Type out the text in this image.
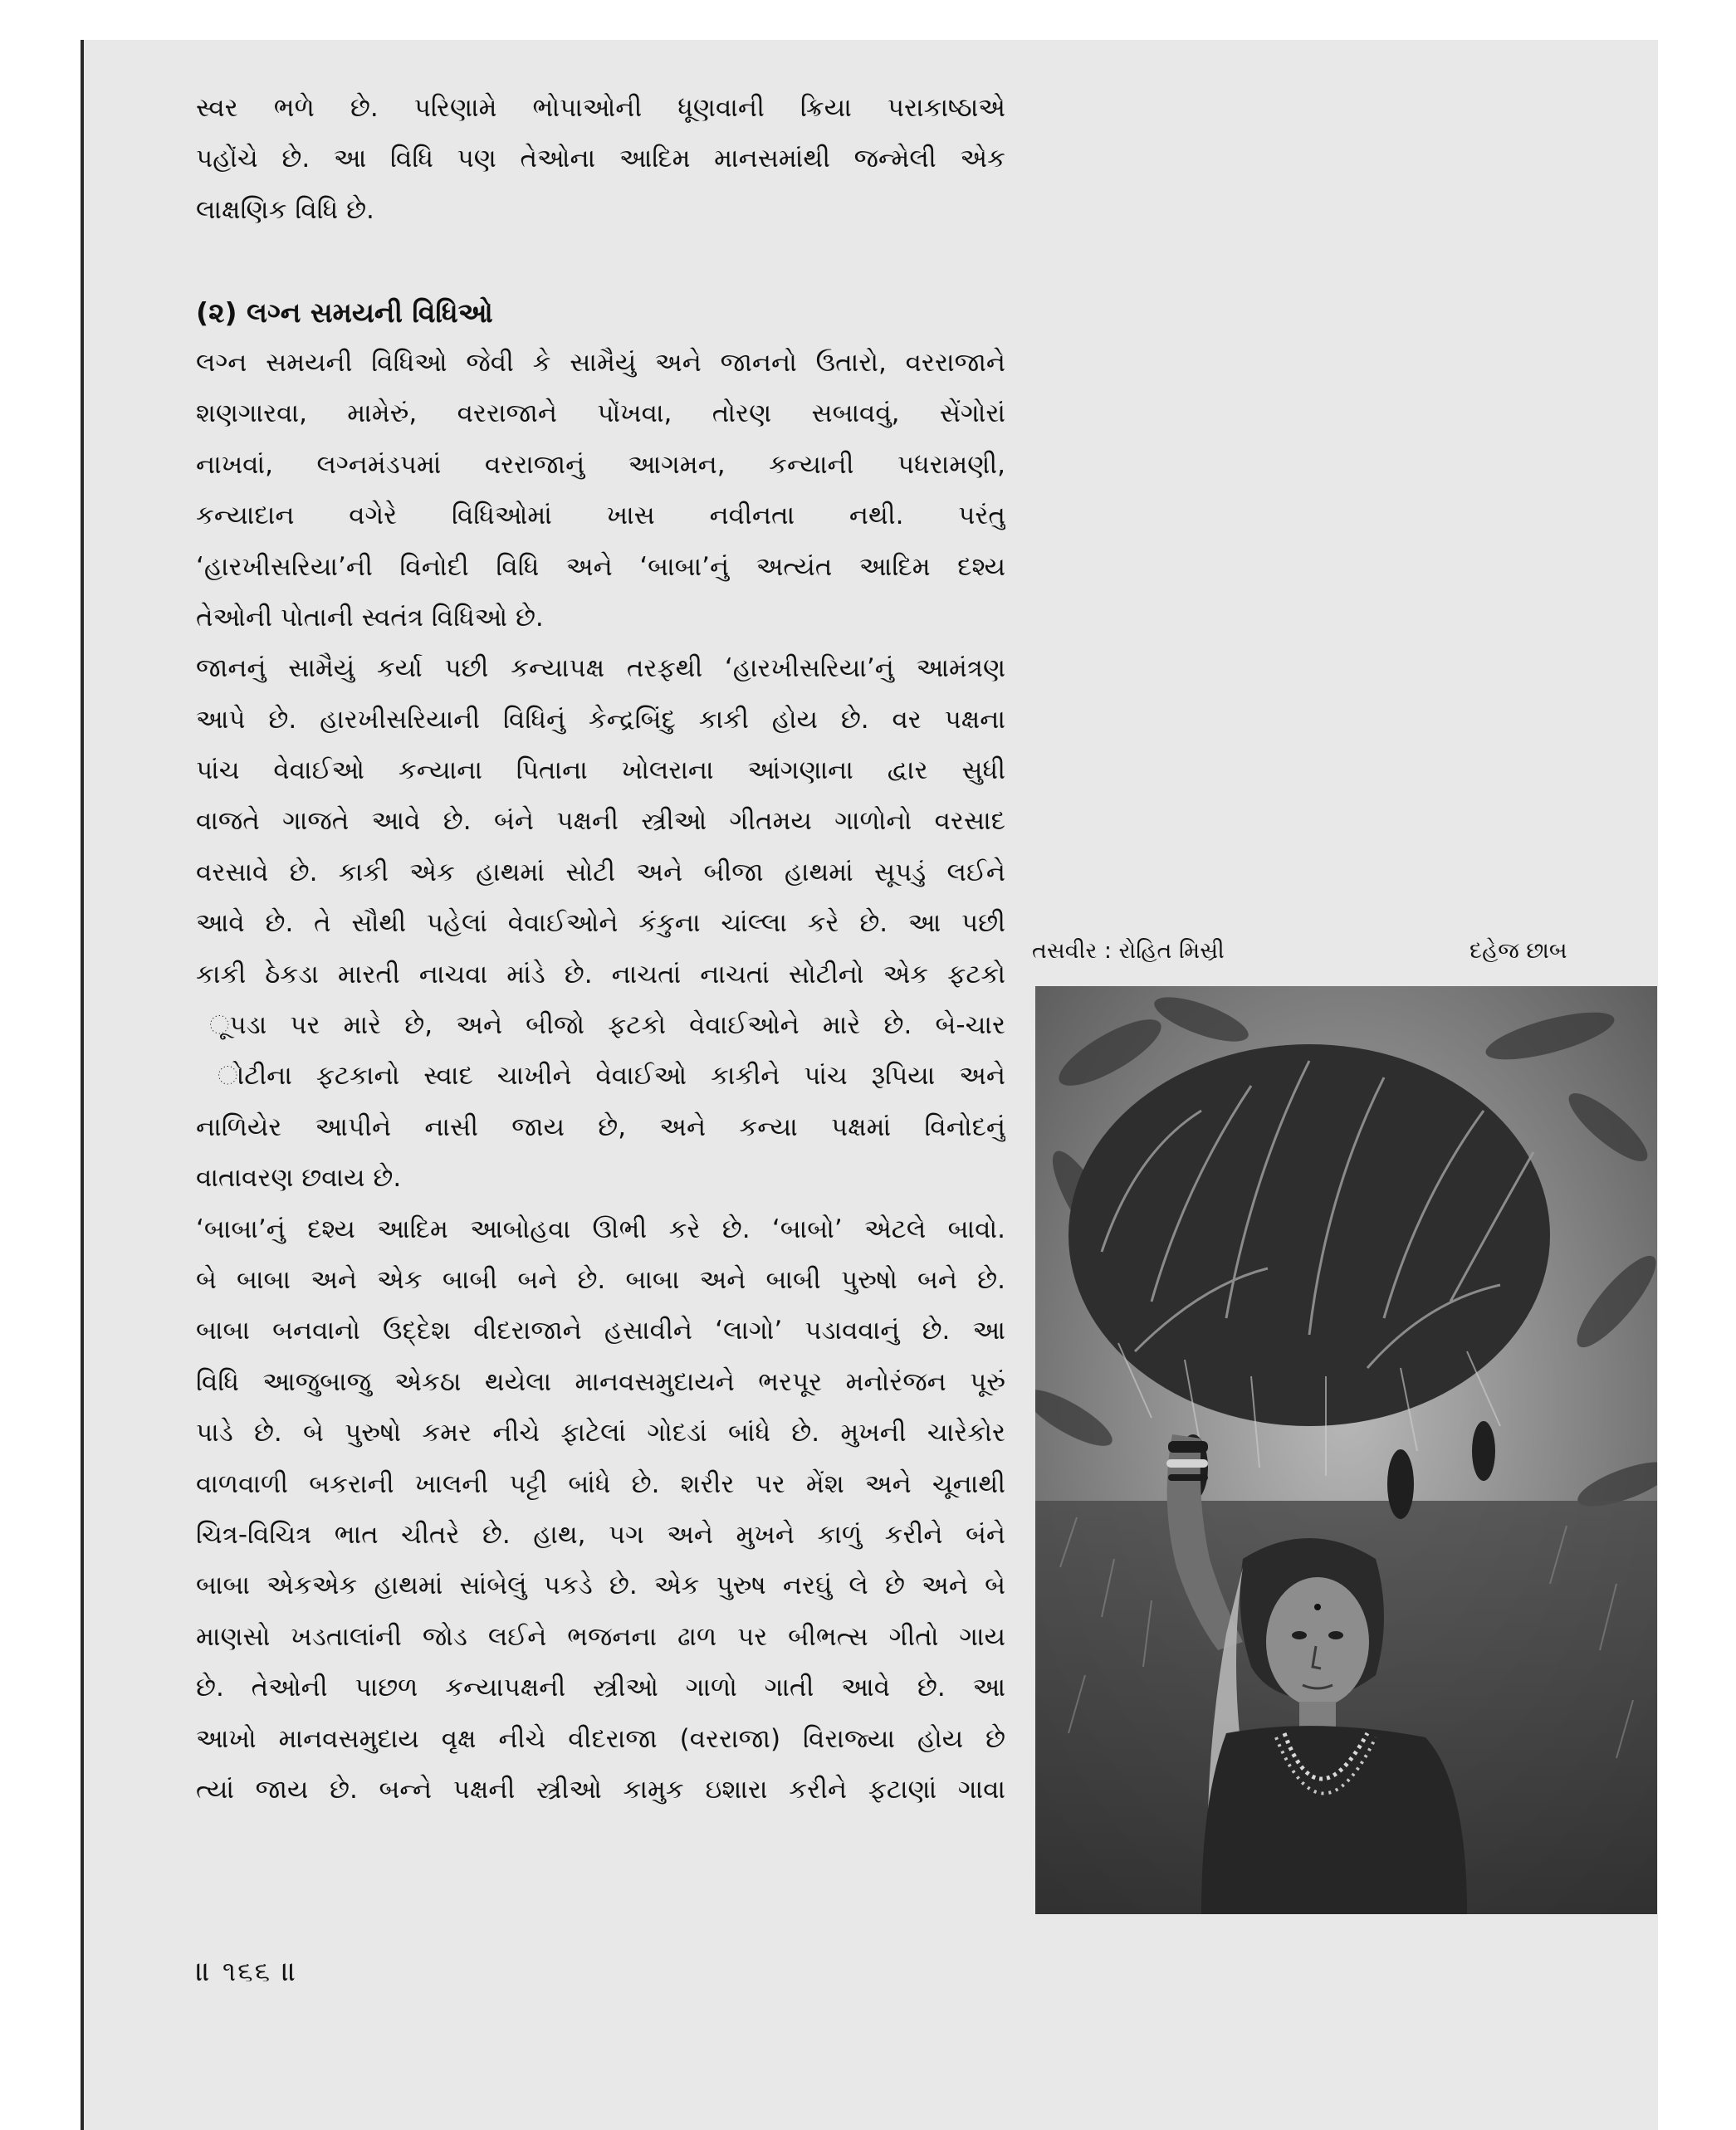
સ્વર ભળે છે. પરિણામે ભોપાઓની ધૂણવાની ક્રિયા પરાકાષ્ઠાએ
પહોંચે છે. આ વિધિ પણ તેઓના આદિમ માનસમાંથી જન્મેલી એક
લાક્ષણિક વિધિ છે.
(૨) લગ્ન સમયની વિધિઓ
લગ્ન સમયની વિધિઓ જેવી કે સામૈયું અને જાનનો ઉતારો, વરરાજાને
શણગારવા, મામેરું, વરરાજાને પોંખવા, તોરણ સબાવવું, સેંગોરાં
નાખવાં, લગ્નમંડપમાં વરરાજાનું આગમન, કન્યાની પધરામણી,
કન્યાદાન વગેરે વિધિઓમાં ખાસ નવીનતા નથી. પરંતુ
‘હારખીસરિયા’ની વિનોદી વિધિ અને ‘બાબા’નું અત્યંત આદિમ દશ્ય
તેઓની પોતાની સ્વતંત્ર વિધિઓ છે.
જાનનું સામૈયું કર્યા પછી કન્યાપક્ષ તરફથી ‘હારખીસરિયા’નું આમંત્રણ
આપે છે. હારખીસરિયાની વિધિનું કેન્દ્રબિંદુ કાકી હોય છે. વર પક્ષના
પાંચ વેવાઈઓ કન્યાના પિતાના ખોલરાના આંગણાના દ્વાર સુધી
વાજતે ગાજતે આવે છે. બંને પક્ષની સ્ત્રીઓ ગીતમય ગાળોનો વરસાદ
વરસાવે છે. કાકી એક હાથમાં સોટી અને બીજા હાથમાં સૂપડું લઈને
આવે છે. તે સૌથી પહેલાં વેવાઈઓને કંકુના ચાંલ્લા કરે છે. આ પછી
કાકી ઠેકડા મારતી નાચવા માંડે છે. નાચતાં નાચતાં સોટીનો એક ફટકો
ૂપડા પર મારે છે, અને બીજો ફટકો વેવાઈઓને મારે છે. બે-ચાર
ોટીના ફટકાનો સ્વાદ ચાખીને વેવાઈઓ કાકીને પાંચ રૂપિયા અને
નાળિયેર આપીને નાસી જાય છે, અને કન્યા પક્ષમાં વિનોદનું
વાતાવરણ છવાય છે.
‘બાબા’નું દશ્ય આદિમ આબોહવા ઊભી કરે છે. ‘બાબો’ એટલે બાવો.
બે બાબા અને એક બાબી બને છે. બાબા અને બાબી પુરુષો બને છે.
બાબા બનવાનો ઉદ્દેશ વીદરાજાને હસાવીને ‘લાગો’ પડાવવાનું છે. આ
વિધિ આજુબાજુ એકઠા થયેલા માનવસમુદાયને ભરપૂર મનોરંજન પૂરું
પાડે છે. બે પુરુષો કમર નીચે ફાટેલાં ગોદડાં બાંધે છે. મુખની ચારેકોર
વાળવાળી બકરાની ખાલની પટ્ટી બાંધે છે. શરીર પર મેંશ અને ચૂનાથી
ચિત્ર-વિચિત્ર ભાત ચીતરે છે. હાથ, પગ અને મુખને કાળું કરીને બંને
બાબા એકએક હાથમાં સાંબેલું પકડે છે. એક પુરુષ નરઘું લે છે અને બે
માણસો ખડતાલાંની જોડ લઈને ભજનના ઢાળ પર બીભત્સ ગીતો ગાય
છે. તેઓની પાછળ કન્યાપક્ષની સ્ત્રીઓ ગાળો ગાતી આવે છે. આ
આખો માનવસમુદાય વૃક્ષ નીચે વીદરાજા (વરરાજા) વિરાજ્યા હોય છે
ત્યાં જાય છે. બન્ને પક્ષની સ્ત્રીઓ કામુક ઇશારા કરીને ફટાણાં ગાવા
તસવીર : રોહિત મિસ્રી	દહેજ છાબ
॥ ૧૬૬ ॥
